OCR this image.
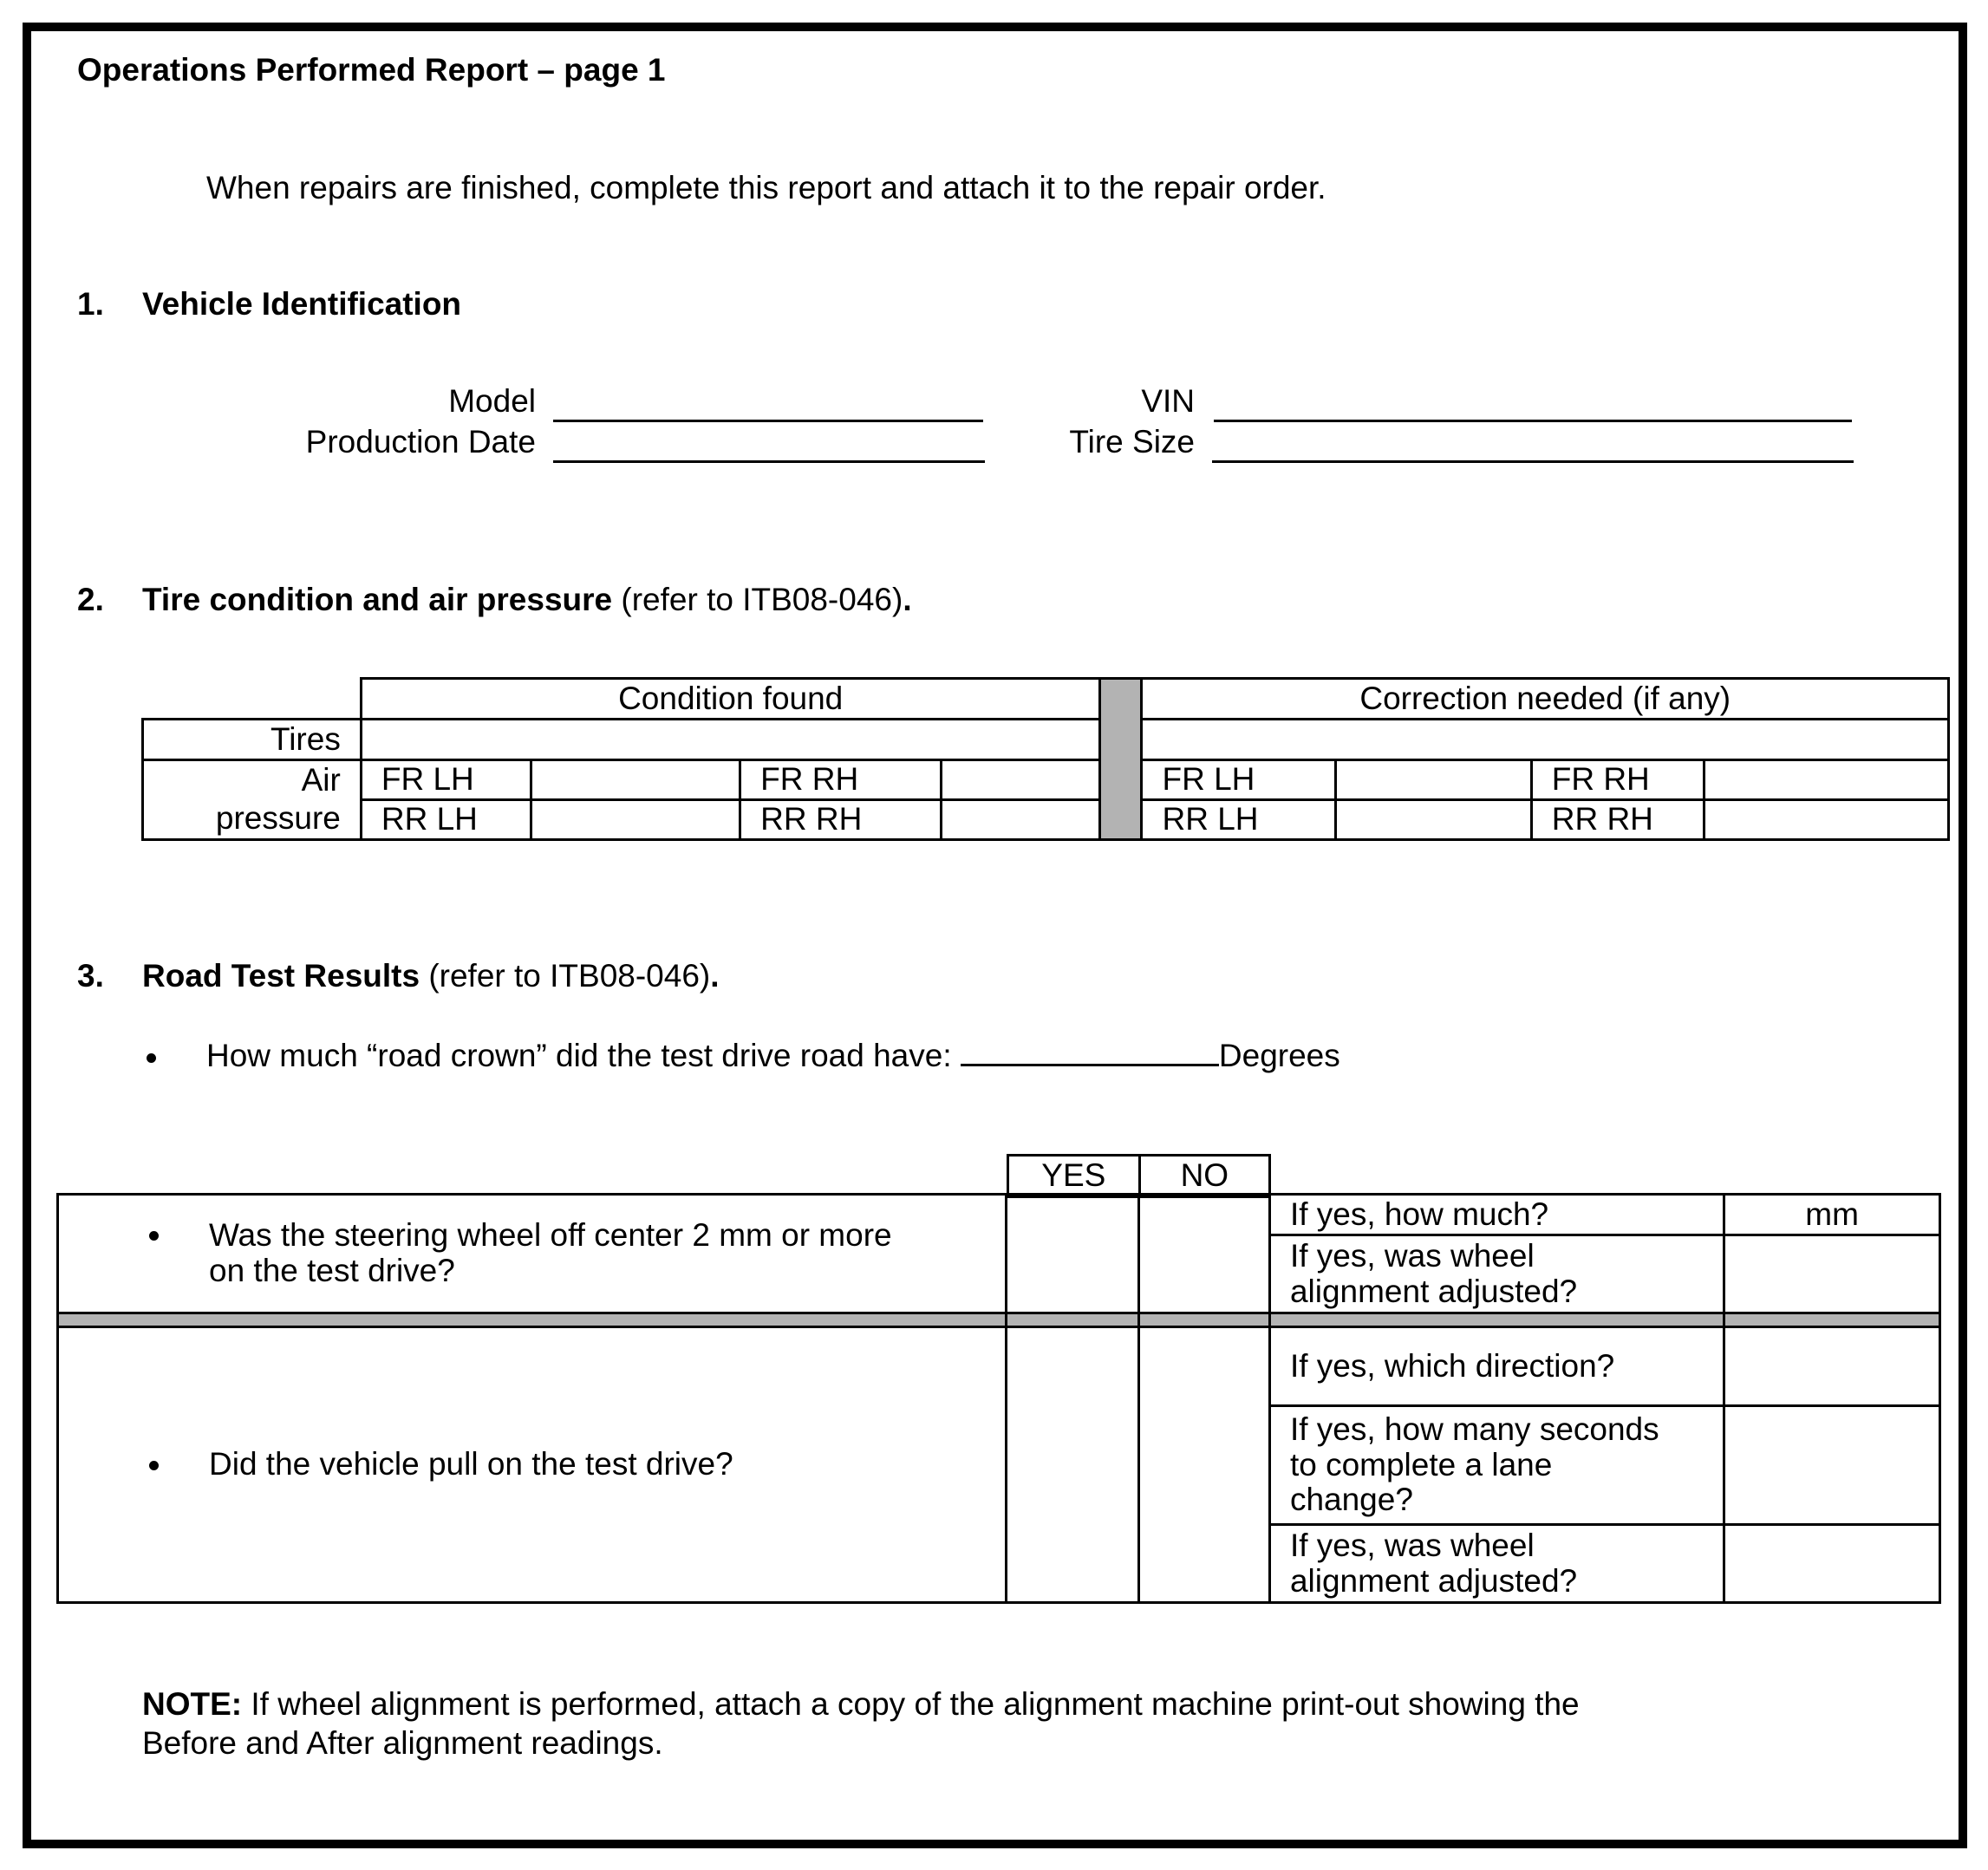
Operations Performed Report – page 1
When repairs are finished, complete this report and attach it to the repair order.
1. Vehicle Identification
Model
Production Date
VIN
Tire Size
2. Tire condition and air pressure (refer to ITB08-046).
	Condition found					Correction needed (if any)			
Tires									
Air	FR LH		FR RH			FR LH		FR RH	
pressure	RR LH		RR RH			RR LH		RR RH	
3. Road Test Results (refer to ITB08-046).
How much “road crown” did the test drive road have:	Degrees
YES	NO
Was the steering wheel off center 2 mm or more
on the test drive?			If yes, how much?	mm

			If yes, was wheel
alignment adjusted?	

Did the vehicle pull on the test drive?			If yes, which direction?	

			If yes, how many seconds
to complete a lane
change?	

			If yes, was wheel
alignment adjusted?	

NOTE: If wheel alignment is performed, attach a copy of the alignment machine print-out showing the
Before and After alignment readings.
